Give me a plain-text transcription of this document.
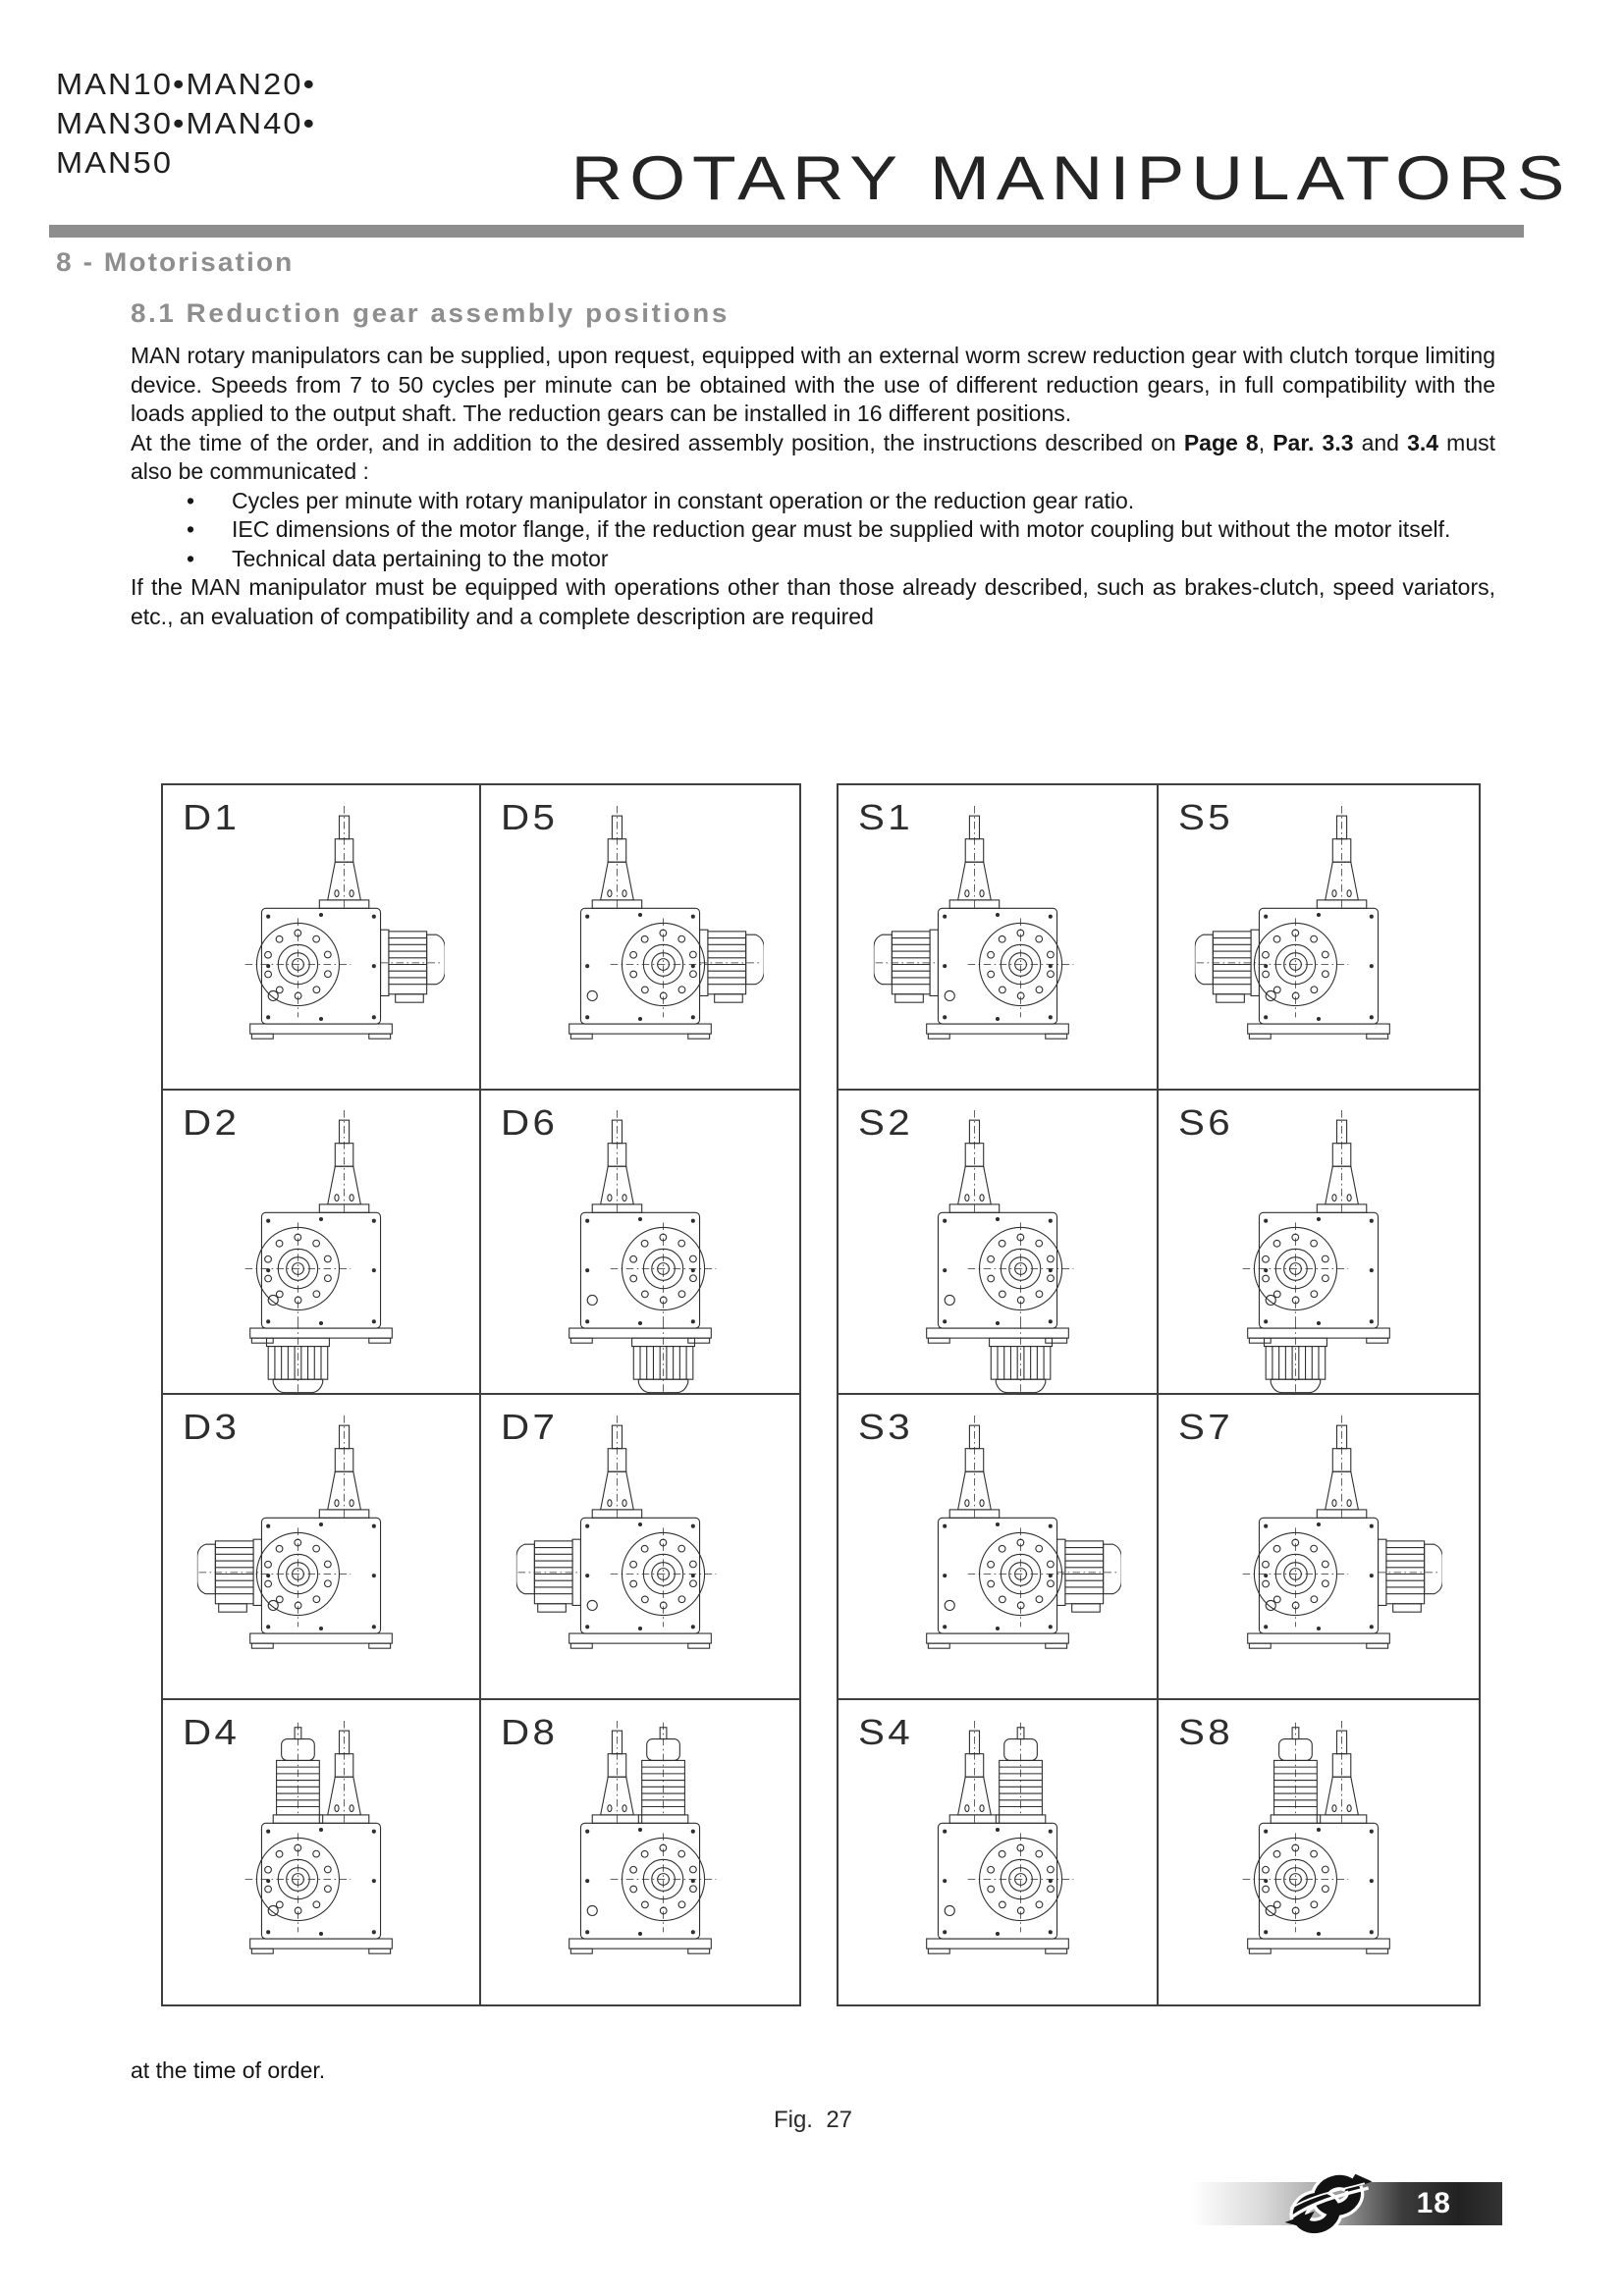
MAN10•MAN20•
MAN30•MAN40•
MAN50	ROTARY MANIPULATORS
8 - Motorisation
8.1 Reduction gear assembly positions

MAN rotary manipulators can be supplied, upon request, equipped with an external worm screw reduction gear with clutch torque limiting device. Speeds from 7 to 50 cycles per minute can be obtained with the use of different reduction gears, in full compatibility with the loads applied to the output shaft. The reduction gears can be installed in 16 different positions.

At the time of the order, and in addition to the desired assembly position, the instructions described on Page 8, Par. 3.3 and 3.4 must also be communicated :

• Cycles per minute with rotary manipulator in constant operation or the reduction gear ratio.
• IEC dimensions of the motor flange, if the reduction gear must be supplied with motor coupling but without the motor itself.
• Technical data pertaining to the motor

If the MAN manipulator must be equipped with operations other than those already described, such as brakes-clutch, speed variators, etc., an evaluation of compatibility and a complete description are required

D1	D5
D2	D6
D3	D7
D4	D8
S1	S5
S2	S6
S3	S7
S4	S8
at the time of order.
Fig.  27
18
